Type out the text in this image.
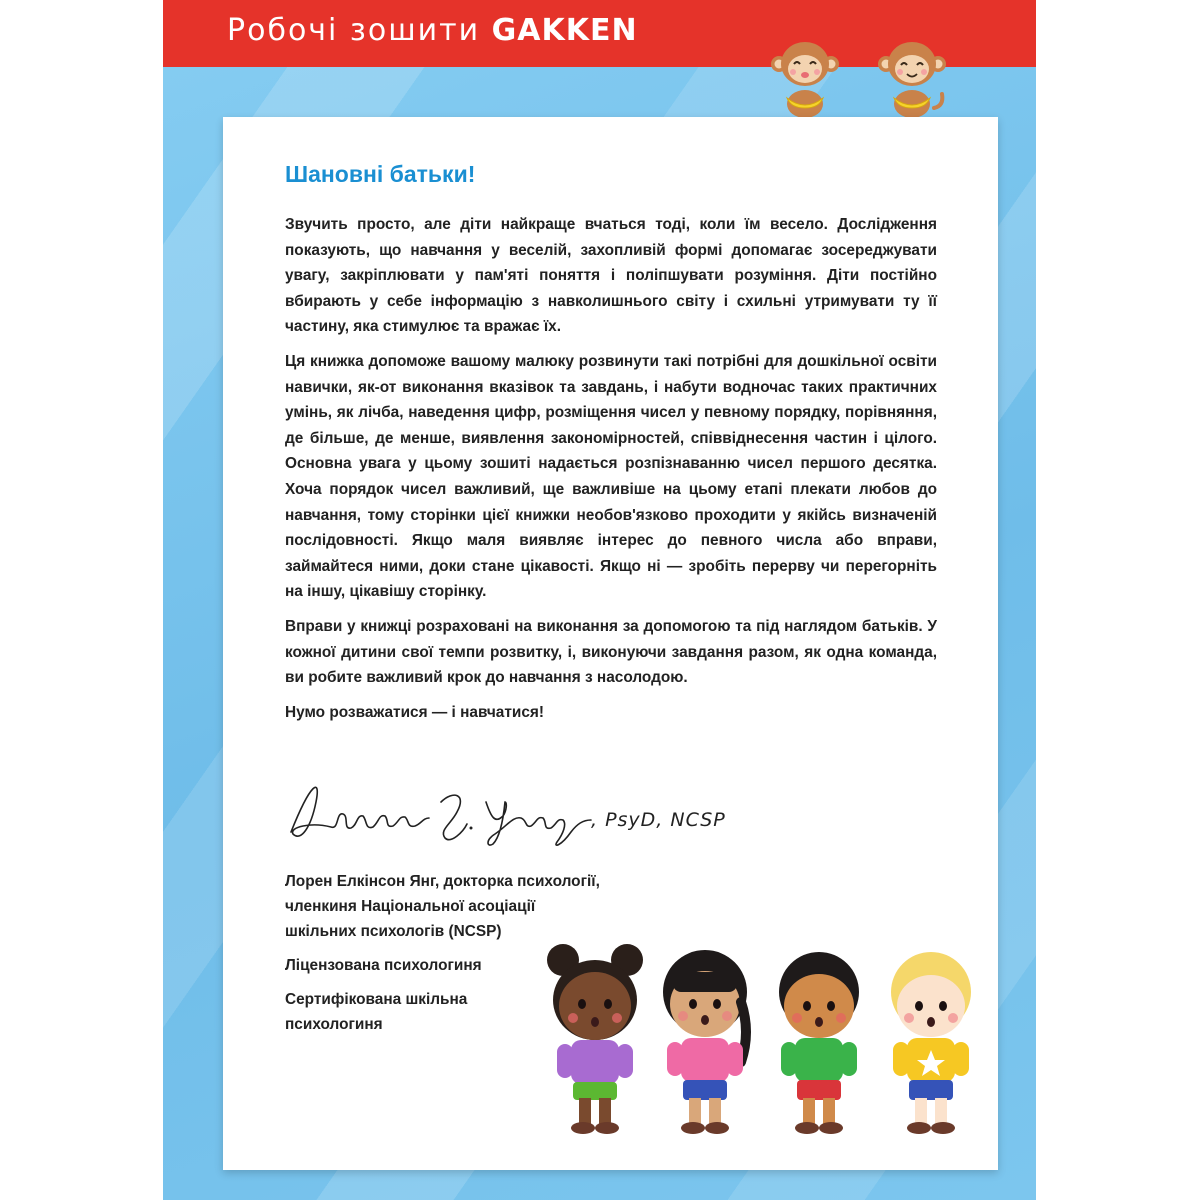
Робочі зошити GAKKEN
Шановні батьки!

Звучить просто, але діти найкраще вчаться тоді, коли їм весело. Дослідження показують, що навчання у веселій, захопливій формі допомагає зосереджувати увагу, закріплювати у пам'яті поняття і поліпшувати розуміння. Діти постійно вбирають у себе інформацію з навколишнього світу і схильні утримувати ту її частину, яка стимулює та вражає їх.

Ця книжка допоможе вашому малюку розвинути такі потрібні для дошкільної освіти навички, як-от виконання вказівок та завдань, і набути водночас таких практичних умінь, як лічба, наведення цифр, розміщення чисел у певному порядку, порівняння, де більше, де менше, виявлення закономірностей, співвіднесення частин і цілого. Основна увага у цьому зошиті надається розпізнаванню чисел першого десятка. Хоча порядок чисел важливий, ще важливіше на цьому етапі плекати любов до навчання, тому сторінки цієї книжки необов'язково проходити у якійсь визначеній послідовності. Якщо маля виявляє інтерес до певного числа або вправи, займайтеся ними, доки стане цікавості. Якщо ні — зробіть перерву чи перегорніть на іншу, цікавішу сторінку.

Вправи у книжці розраховані на виконання за допомогою та під наглядом батьків. У кожної дитини свої темпи розвитку, і, виконуючи завдання разом, як одна команда, ви робите важливий крок до навчання з насолодою.

Нумо розважатися — і навчатися!

, PsyD, NCSP
Лорен Елкінсон Янг, докторка психології,
членкиня Національної асоціації
шкільних психологів (NCSP)
Ліцензована психологиня
Сертифікована шкільна
психологиня
